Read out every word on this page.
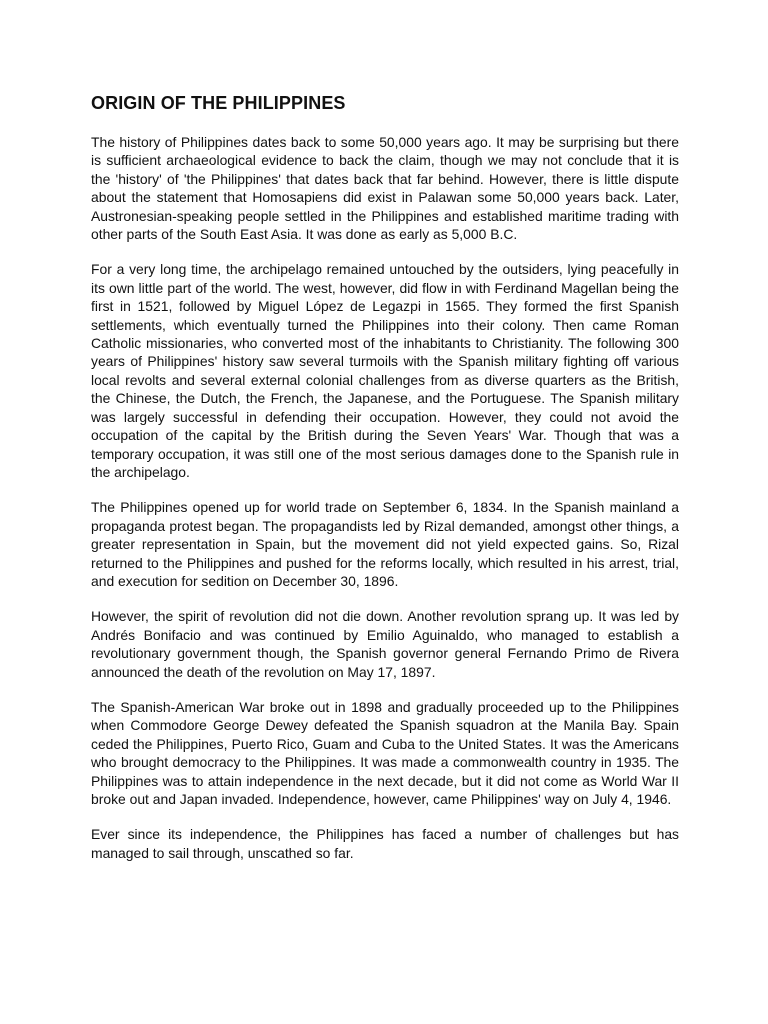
ORIGIN OF THE PHILIPPINES

The history of Philippines dates back to some 50,000 years ago. It may be surprising but there is sufficient archaeological evidence to back the claim, though we may not conclude that it is the 'history' of 'the Philippines' that dates back that far behind. However, there is little dispute about the statement that Homosapiens did exist in Palawan some 50,000 years back. Later, Austronesian-speaking people settled in the Philippines and established maritime trading with other parts of the South East Asia. It was done as early as 5,000 B.C.

For a very long time, the archipelago remained untouched by the outsiders, lying peacefully in its own little part of the world. The west, however, did flow in with Ferdinand Magellan being the first in 1521, followed by Miguel López de Legazpi in 1565. They formed the first Spanish settlements, which eventually turned the Philippines into their colony. Then came Roman Catholic missionaries, who converted most of the inhabitants to Christianity. The following 300 years of Philippines' history saw several turmoils with the Spanish military fighting off various local revolts and several external colonial challenges from as diverse quarters as the British, the Chinese, the Dutch, the French, the Japanese, and the Portuguese. The Spanish military was largely successful in defending their occupation. However, they could not avoid the occupation of the capital by the British during the Seven Years' War. Though that was a temporary occupation, it was still one of the most serious damages done to the Spanish rule in the archipelago.

The Philippines opened up for world trade on September 6, 1834. In the Spanish mainland a propaganda protest began. The propagandists led by Rizal demanded, amongst other things, a greater representation in Spain, but the movement did not yield expected gains. So, Rizal returned to the Philippines and pushed for the reforms locally, which resulted in his arrest, trial, and execution for sedition on December 30, 1896.

However, the spirit of revolution did not die down. Another revolution sprang up. It was led by Andrés Bonifacio and was continued by Emilio Aguinaldo, who managed to establish a revolutionary government though, the Spanish governor general Fernando Primo de Rivera announced the death of the revolution on May 17, 1897.

The Spanish-American War broke out in 1898 and gradually proceeded up to the Philippines when Commodore George Dewey defeated the Spanish squadron at the Manila Bay. Spain ceded the Philippines, Puerto Rico, Guam and Cuba to the United States. It was the Americans who brought democracy to the Philippines. It was made a commonwealth country in 1935. The Philippines was to attain independence in the next decade, but it did not come as World War II broke out and Japan invaded. Independence, however, came Philippines' way on July 4, 1946.

Ever since its independence, the Philippines has faced a number of challenges but has managed to sail through, unscathed so far.
